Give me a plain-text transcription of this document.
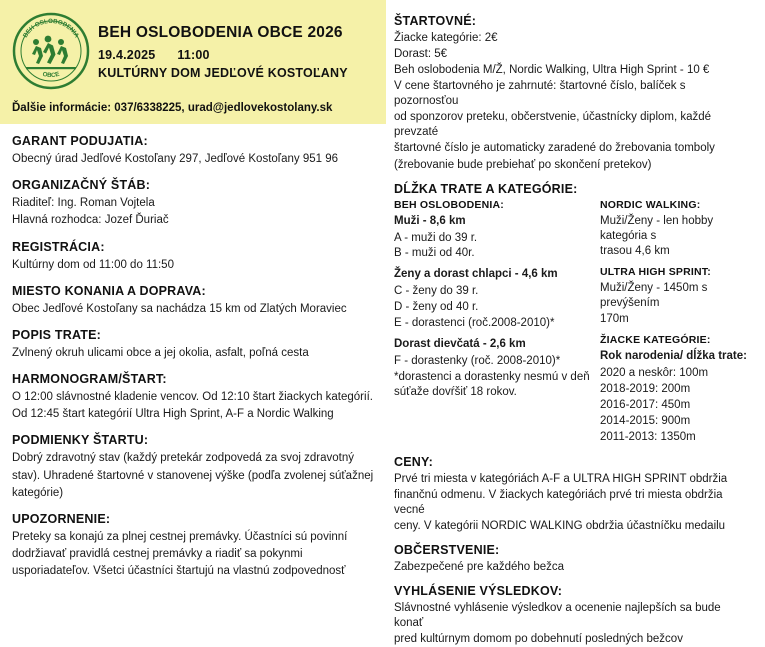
BEH OSLOBODENIA
OBCE
BEH OSLOBODENIA OBCE 2026
19.4.2025 11:00
KULTÚRNY DOM JEDĽOVÉ KOSTOĽANY
Ďalšie informácie: 037/6338225, urad@jedlovekostolany.sk
GARANT PODUJATIA:

Obecný úrad Jedľové Kostoľany 297, Jedľové Kostoľany 951 96

ORGANIZAČNÝ ŠTÁB:

Riaditeľ: Ing. Roman Vojtela

Hlavná rozhodca: Jozef Ďuriač

REGISTRÁCIA:

Kultúrny dom od 11:00 do 11:50

MIESTO KONANIA A DOPRAVA:

Obec Jedľové Kostoľany sa nachádza 15 km od Zlatých Moraviec

POPIS TRATE:

Zvlnený okruh ulicami obce a jej okolia, asfalt, poľná cesta

HARMONOGRAM/ŠTART:

O 12:00 slávnostné kladenie vencov. Od 12:10 štart žiackych kategórií.

Od 12:45 štart kategórií Ultra High Sprint, A-F a Nordic Walking

PODMIENKY ŠTARTU:

Dobrý zdravotný stav (každý pretekár zodpovedá za svoj zdravotný

stav). Uhradené štartovné v stanovenej výške (podľa zvolenej súťažnej

kategórie)

UPOZORNENIE:

Preteky sa konajú za plnej cestnej premávky. Účastníci sú povinní

dodržiavať pravidlá cestnej premávky a riadiť sa pokynmi

usporiadateľov. Všetci účastníci štartujú na vlastnú zodpovednosť

ŠTARTOVNÉ:

Žiacke kategórie: 2€

Dorast: 5€

Beh oslobodenia M/Ž, Nordic Walking, Ultra High Sprint - 10 €

V cene štartovného je zahrnuté: štartovné číslo, balíček s pozornosťou

od sponzorov preteku, občerstvenie, účastnícky diplom, každé prevzaté

štartovné číslo je automaticky zaradené do žrebovania tomboly

(žrebovanie bude prebiehať po skončení pretekov)

DĹŽKA TRATE A KATEGÓRIE:
BEH OSLOBODENIA:

Muži - 8,6 km

A - muži do 39 r.

B - muži od 40r.

Ženy a dorast chlapci - 4,6 km

C - ženy do 39 r.

D - ženy od 40 r.

E - dorastenci (roč.2008-2010)*

Dorast dievčatá - 2,6 km

F - dorastenky (roč. 2008-2010)*

*dorastenci a dorastenky nesmú v deň súťaže dovŕšiť 18 rokov.

NORDIC WALKING:

Muži/Ženy - len hobby kategória s

trasou 4,6 km

ULTRA HIGH SPRINT:

Muži/Ženy - 1450m s prevýšením

170m

ŽIACKE KATEGÓRIE:

Rok narodenia/ dĺžka trate:

2020 a neskôr: 100m

2018-2019: 200m

2016-2017: 450m

2014-2015: 900m

2011-2013: 1350m

CENY:

Prvé tri miesta v kategóriách A-F a ULTRA HIGH SPRINT obdržia

finančnú odmenu. V žiackych kategóriách prvé tri miesta obdržia vecné

ceny. V kategórii NORDIC WALKING obdržia účastníčku medailu

OBČERSTVENIE:

Zabezpečené pre každého bežca

VYHLÁSENIE VÝSLEDKOV:

Slávnostné vyhlásenie výsledkov a ocenenie najlepších sa bude konať

pred kultúrnym domom po dobehnutí posledných bežcov
